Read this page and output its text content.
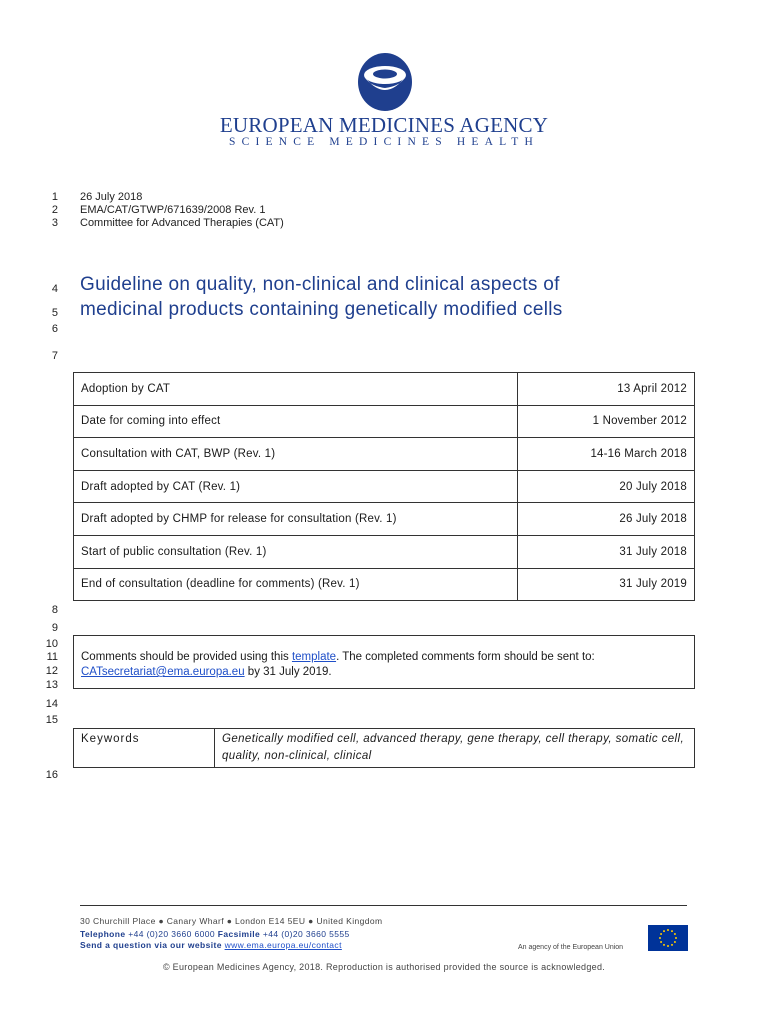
EUROPEAN MEDICINES AGENCY
SCIENCE MEDICINES HEALTH
1
2
3
4
5
6
7
8
9
10
11
12
13
14
15
16
26 July 2018
EMA/CAT/GTWP/671639/2008 Rev. 1
Committee for Advanced Therapies (CAT)
Guideline on quality, non-clinical and clinical aspects of
medicinal products containing genetically modified cells
Adoption by CAT	13 April 2012
Date for coming into effect	1 November 2012
Consultation with CAT, BWP (Rev. 1)	14-16 March 2018
Draft adopted by CAT (Rev. 1)	20 July 2018
Draft adopted by CHMP for release for consultation (Rev. 1)	26 July 2018
Start of public consultation (Rev. 1)	31 July 2018
End of consultation (deadline for comments) (Rev. 1)	31 July 2019
Comments should be provided using this template. The completed comments form should be sent to:
CATsecretariat@ema.europa.eu by 31 July 2019.
Keywords	Genetically modified cell, advanced therapy, gene therapy, cell therapy, somatic cell, quality, non-clinical, clinical
30 Churchill Place ● Canary Wharf ● London E14 5EU ● United Kingdom
Telephone +44 (0)20 3660 6000 Facsimile +44 (0)20 3660 5555
Send a question via our website www.ema.europa.eu/contact	An agency of the European Union
© European Medicines Agency, 2018. Reproduction is authorised provided the source is acknowledged.
